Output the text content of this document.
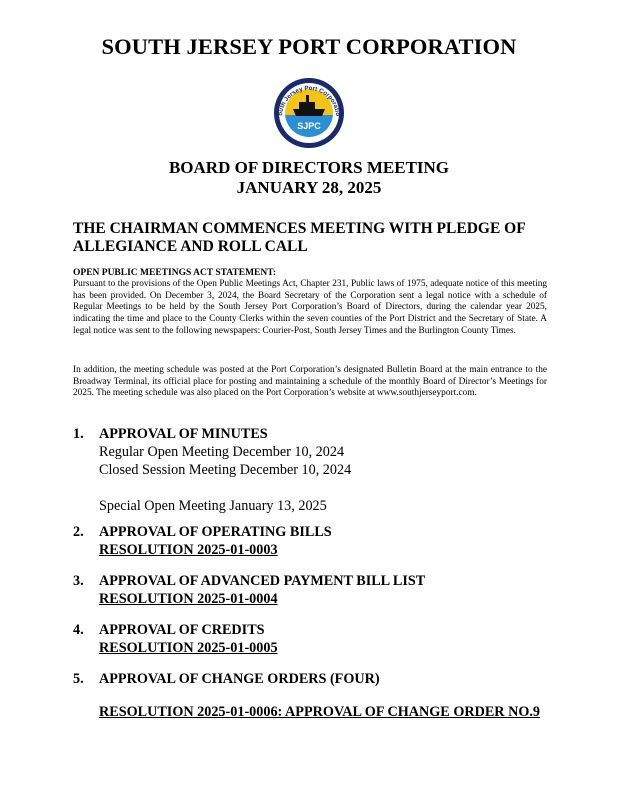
SOUTH JERSEY PORT CORPORATION
outh Jersey Port Corporatio
SJPC
BOARD OF DIRECTORS MEETING
JANUARY 28, 2025
THE CHAIRMAN COMMENCES MEETING WITH PLEDGE OF
ALLEGIANCE AND ROLL CALL
OPEN PUBLIC MEETINGS ACT STATEMENT:
Pursuant to the provisions of the Open Public Meetings Act, Chapter 231, Public laws of 1975, adequate notice of this meeting has been provided. On December 3, 2024, the Board Secretary of the Corporation sent a legal notice with a schedule of Regular Meetings to be held by the South Jersey Port Corporation’s Board of Directors, during the calendar year 2025, indicating the time and place to the County Clerks within the seven counties of the Port District and the Secretary of State. A legal notice was sent to the following newspapers: Courier-Post, South Jersey Times and the Burlington County Times.
In addition, the meeting schedule was posted at the Port Corporation’s designated Bulletin Board at the main entrance to the Broadway Terminal, its official place for posting and maintaining a schedule of the monthly Board of Director’s Meetings for 2025. The meeting schedule was also placed on the Port Corporation’s website at www.southjerseyport.com.
1. APPROVAL OF MINUTES
Regular Open Meeting December 10, 2024
Closed Session Meeting December 10, 2024
Special Open Meeting January 13, 2025
2. APPROVAL OF OPERATING BILLS
RESOLUTION 2025-01-0003
3. APPROVAL OF ADVANCED PAYMENT BILL LIST
RESOLUTION 2025-01-0004
4. APPROVAL OF CREDITS
RESOLUTION 2025-01-0005
5. APPROVAL OF CHANGE ORDERS (FOUR)
RESOLUTION 2025-01-0006: APPROVAL OF CHANGE ORDER NO.9
